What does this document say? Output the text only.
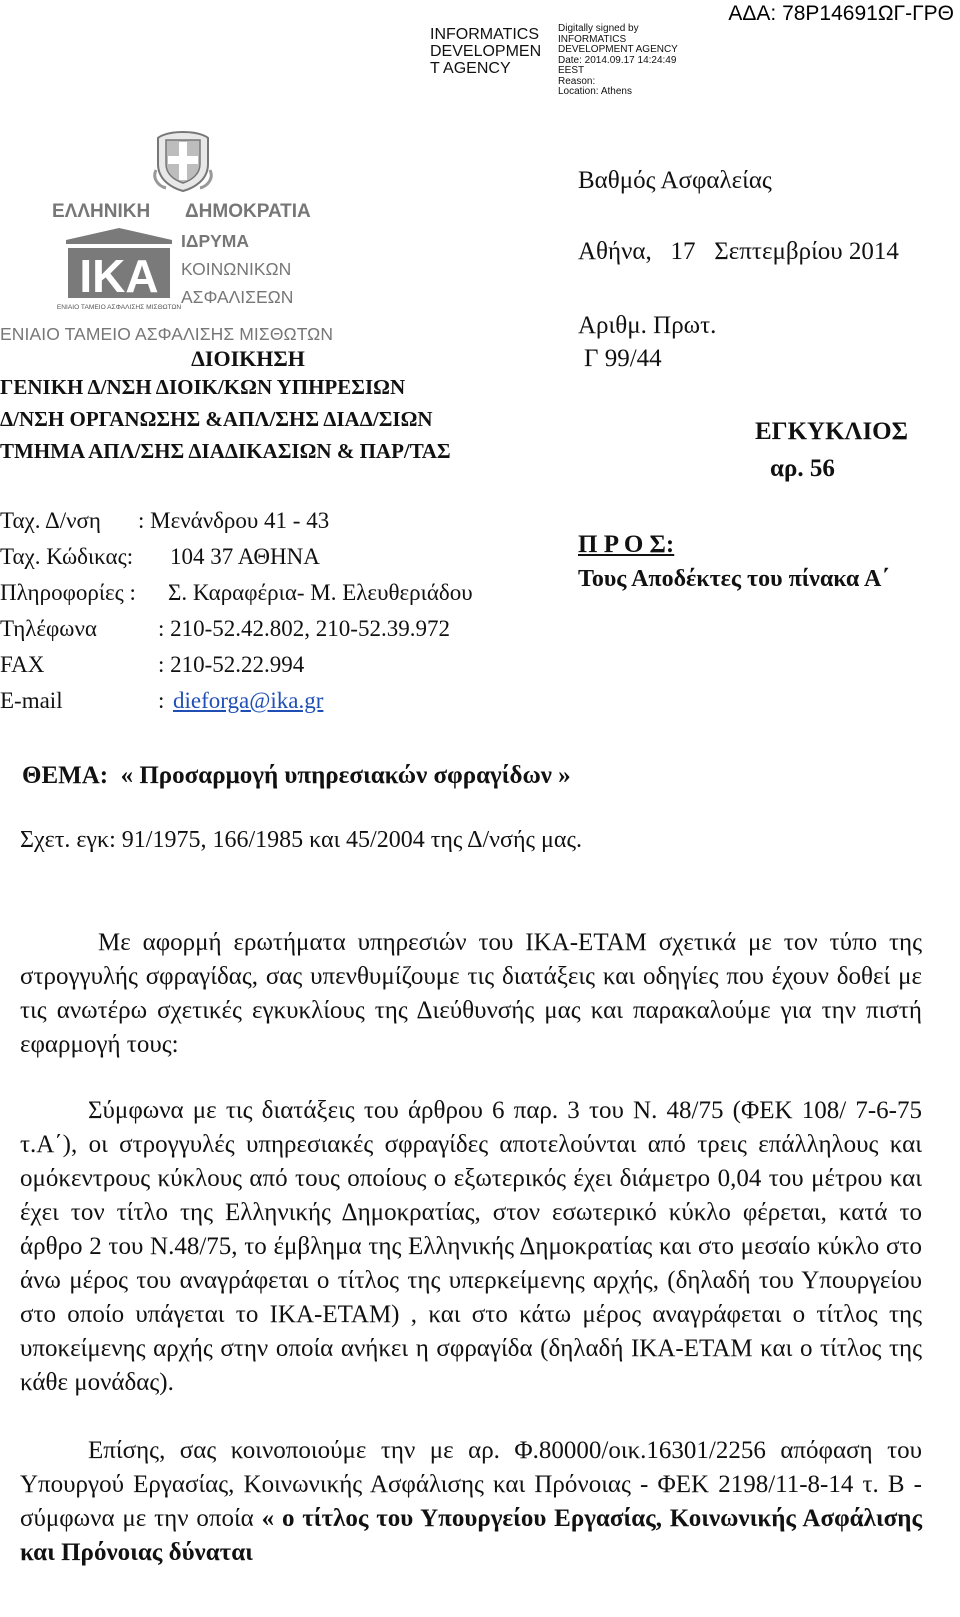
ΑΔΑ: 78Ρ14691ΩΓ-ΓΡΘ
INFORMATICS
DEVELOPMEN
T AGENCY
Digitally signed by
INFORMATICS
DEVELOPMENT AGENCY
Date: 2014.09.17 14:24:49
EEST
Reason:
Location: Athens
ΕΛΛΗΝΙΚΗ ΔΗΜΟΚΡΑΤΙΑ
ΙΚΑ
ΕΝΙΑΙΟ ΤΑΜΕΙΟ ΑΣΦΑΛΙΣΗΣ ΜΙΣΘΩΤΩΝ
ΙΔΡΥΜΑ
ΚΟΙΝΩΝΙΚΩΝ
ΑΣΦΑΛΙΣΕΩΝ
ΕΝΙΑΙΟ ΤΑΜΕΙΟ ΑΣΦΑΛΙΣΗΣ ΜΙΣΘΩΤΩΝ
ΔΙΟΙΚΗΣΗ
ΓΕΝΙΚΗ Δ/ΝΣΗ ΔΙΟΙΚ/ΚΩΝ ΥΠΗΡΕΣΙΩΝ
Δ/ΝΣΗ ΟΡΓΑΝΩΣΗΣ &ΑΠΛ/ΣΗΣ ΔΙΑΔ/ΣΙΩΝ
ΤΜΗΜΑ ΑΠΛ/ΣΗΣ ΔΙΑΔΙΚΑΣΙΩΝ & ΠΑΡ/ΤΑΣ
Ταχ. Δ/νση : Μενάνδρου 41 - 43
Ταχ. Κώδικας: 104 37 ΑΘΗΝΑ
Πληροφορίες : Σ. Καραφέρια- Μ. Ελευθεριάδου
Τηλέφωνα	: 210-52.42.802, 210-52.39.972
FAX	: 210-52.22.994
E-mail	: dieforga@ika.gr
Βαθμός Ασφαλείας
Αθήνα,   17   Σεπτεμβρίου 2014
Αριθμ. Πρωτ.
Γ 99/44
ΕΓΚΥΚΛΙΟΣ
αρ. 56
Π Ρ Ο Σ:
Τους Αποδέκτες του πίνακα Α΄
ΘΕΜΑ:  « Προσαρμογή υπηρεσιακών σφραγίδων »
Σχετ. εγκ: 91/1975, 166/1985 και 45/2004 της Δ/νσής μας.

Με αφορμή ερωτήματα υπηρεσιών του ΙΚΑ-ΕΤΑΜ σχετικά με τον τύπο της στρογγυλής σφραγίδας, σας υπενθυμίζουμε τις διατάξεις και οδηγίες που έχουν δοθεί με τις ανωτέρω σχετικές εγκυκλίους της Διεύθυνσής μας και παρακαλούμε για την πιστή εφαρμογή τους:

Σύμφωνα με τις διατάξεις του άρθρου 6 παρ. 3 του Ν. 48/75 (ΦΕΚ 108/ 7-6-75 τ.Α΄), οι στρογγυλές υπηρεσιακές σφραγίδες αποτελούνται από τρεις επάλληλους και ομόκεντρους κύκλους από τους οποίους ο εξωτερικός έχει διάμετρο 0,04 του μέτρου και έχει τον τίτλο της Ελληνικής Δημοκρατίας, στον εσωτερικό κύκλο φέρεται, κατά το άρθρο 2 του Ν.48/75, το έμβλημα της Ελληνικής Δημοκρατίας και στο μεσαίο κύκλο στο άνω μέρος του αναγράφεται ο τίτλος της υπερκείμενης αρχής, (δηλαδή του Υπουργείου στο οποίο υπάγεται το ΙΚΑ-ΕΤΑΜ) , και στο κάτω μέρος αναγράφεται ο τίτλος της υποκείμενης αρχής στην οποία ανήκει η σφραγίδα (δηλαδή ΙΚΑ-ΕΤΑΜ και ο τίτλος της κάθε μονάδας).

Επίσης, σας κοινοποιούμε την με αρ. Φ.80000/οικ.16301/2256 απόφαση του Υπουργού Εργασίας, Κοινωνικής Ασφάλισης και Πρόνοιας - ΦΕΚ 2198/11-8-14 τ. Β - σύμφωνα με την οποία « ο τίτλος του Υπουργείου Εργασίας, Κοινωνικής Ασφάλισης και Πρόνοιας δύναται
